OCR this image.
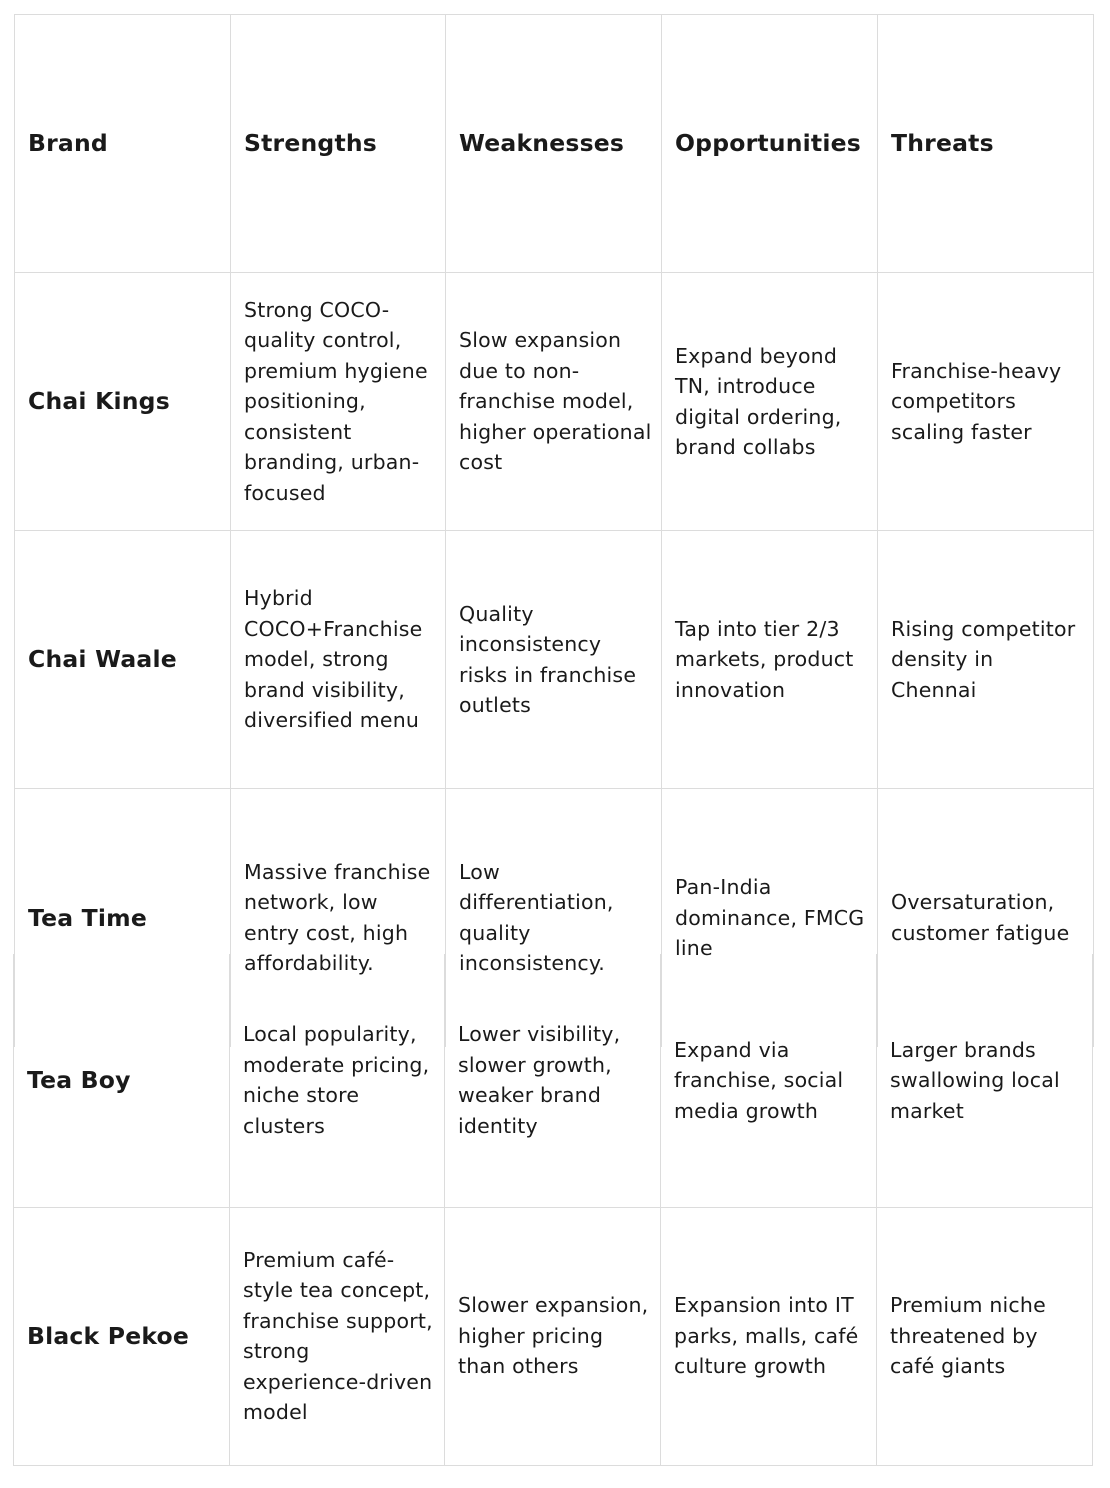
Brand	Strengths	Weaknesses	Opportunities	Threats
Chai Kings	Strong COCO-quality control, premium hygiene positioning, consistent branding, urban-focused	Slow expansion due to non-franchise model, higher operational cost	Expand beyond TN, introduce digital ordering, brand collabs	Franchise-heavy competitors scaling faster
Chai Waale	Hybrid COCO+Franchise model, strong brand visibility, diversified menu	Quality inconsistency risks in franchise outlets	Tap into tier 2/3 markets, product innovation	Rising competitor density in Chennai
Tea Time	Massive franchise network, low entry cost, high affordability.	Low differentiation, quality inconsistency.	Pan-India dominance, FMCG line	Oversaturation, customer fatigue
Tea Boy	Local popularity, moderate pricing, niche store clusters	Lower visibility, slower growth, weaker brand identity	Expand via franchise, social media growth	Larger brands swallowing local market
Black Pekoe	Premium café-style tea concept, franchise support, strong experience-driven model	Slower expansion, higher pricing than others	Expansion into IT parks, malls, café culture growth	Premium niche threatened by café giants
